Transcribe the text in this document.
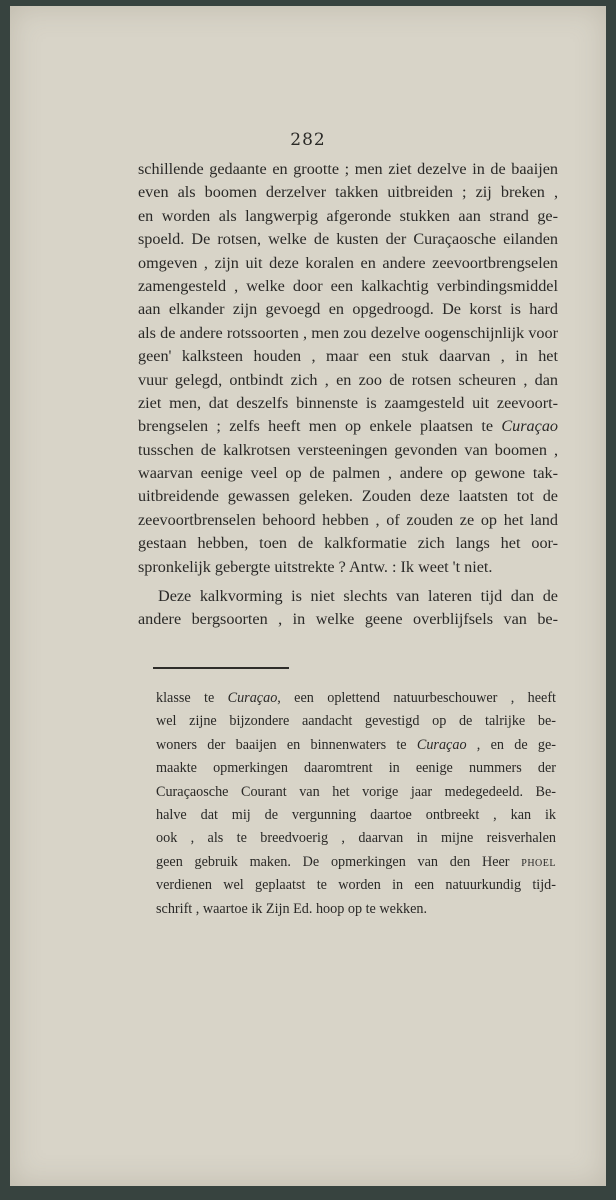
282
schillende gedaante en grootte ; men ziet dezelve in de baaijen
even als boomen derzelver takken uitbreiden ; zij breken ,
en worden als langwerpig afgeronde stukken aan strand ge-
spoeld. De rotsen, welke de kusten der Curaçaosche eilanden
omgeven , zijn uit deze koralen en andere zeevoortbrengselen
zamengesteld , welke door een kalkachtig verbindingsmiddel
aan elkander zijn gevoegd en opgedroogd. De korst is hard
als de andere rotssoorten , men zou dezelve oogenschijnlijk voor
geen' kalksteen houden , maar een stuk daarvan , in het
vuur gelegd, ontbindt zich , en zoo de rotsen scheuren , dan
ziet men, dat deszelfs binnenste is zaamgesteld uit zeevoort-
brengselen ; zelfs heeft men op enkele plaatsen te Curaçao
tusschen de kalkrotsen versteeningen gevonden van boomen ,
waarvan eenige veel op de palmen , andere op gewone tak-
uitbreidende gewassen geleken. Zouden deze laatsten tot de
zeevoortbrenselen behoord hebben , of zouden ze op het land
gestaan hebben, toen de kalkformatie zich langs het oor-
spronkelijk gebergte uitstrekte ? Antw. : Ik weet 't niet.
Deze kalkvorming is niet slechts van lateren tijd dan de
andere bergsoorten , in welke geene overblijfsels van be-
klasse te Curaçao, een oplettend natuurbeschouwer , heeft
wel zijne bijzondere aandacht gevestigd op de talrijke be-
woners der baaijen en binnenwaters te Curaçao , en de ge-
maakte opmerkingen daaromtrent in eenige nummers der
Curaçaosche Courant van het vorige jaar medegedeeld. Be-
halve dat mij de vergunning daartoe ontbreekt , kan ik
ook , als te breedvoerig , daarvan in mijne reisverhalen
geen gebruik maken. De opmerkingen van den Heer PHOEL
verdienen wel geplaatst te worden in een natuurkundig tijd-
schrift , waartoe ik Zijn Ed. hoop op te wekken.
